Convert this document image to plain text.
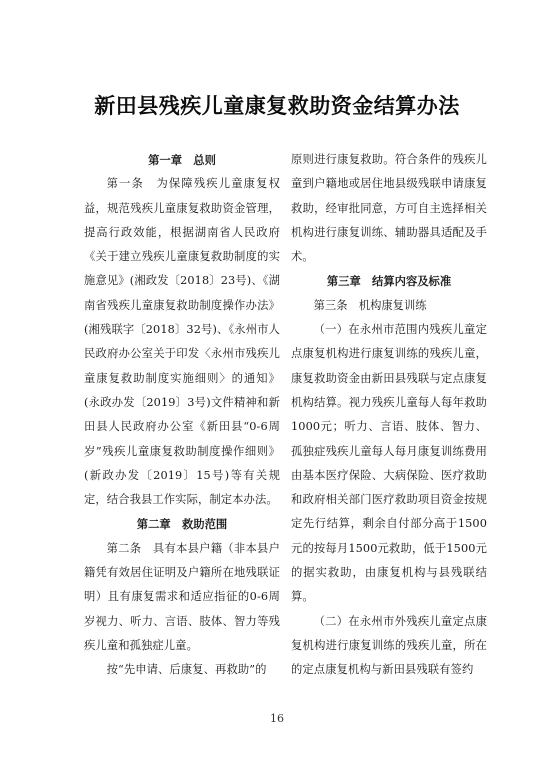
新田县残疾儿童康复救助资金结算办法
第一章　总则

第一条　为保障残疾儿童康复权益，规范残疾儿童康复救助资金管理，提高行政效能，根据湖南省人民政府《关于建立残疾儿童康复救助制度的实施意见》(湘政发〔2018〕23号)、《湖南省残疾儿童康复救助制度操作办法》(湘残联字〔2018〕32号)、《永州市人民政府办公室关于印发〈永州市残疾儿童康复救助制度实施细则〉的通知》(永政办发〔2019〕3号)文件精神和新田县人民政府办公室《新田县“0-6周岁”残疾儿童康复救助制度操作细则》(新政办发〔2019〕15号)等有关规定，结合我县工作实际，制定本办法。

第二章　救助范围

第二条　具有本县户籍（非本县户籍凭有效居住证明及户籍所在地残联证明）且有康复需求和适应指征的0-6周岁视力、听力、言语、肢体、智力等残疾儿童和孤独症儿童。

按“先申请、后康复、再救助”的

原则进行康复救助。符合条件的残疾儿童到户籍地或居住地县级残联申请康复救助，经审批同意，方可自主选择相关机构进行康复训练、辅助器具适配及手术。

第三章　结算内容及标准
第三条　机构康复训练

（一）在永州市范围内残疾儿童定点康复机构进行康复训练的残疾儿童，康复救助资金由新田县残联与定点康复机构结算。视力残疾儿童每人每年救助1000元；听力、言语、肢体、智力、孤独症残疾儿童每人每月康复训练费用由基本医疗保险、大病保险、医疗救助和政府相关部门医疗救助项目资金按规定先行结算，剩余自付部分高于1500元的按每月1500元救助，低于1500元的据实救助，由康复机构与县残联结算。

（二）在永州市外残疾儿童定点康复机构进行康复训练的残疾儿童，所在的定点康复机构与新田县残联有签约

16
